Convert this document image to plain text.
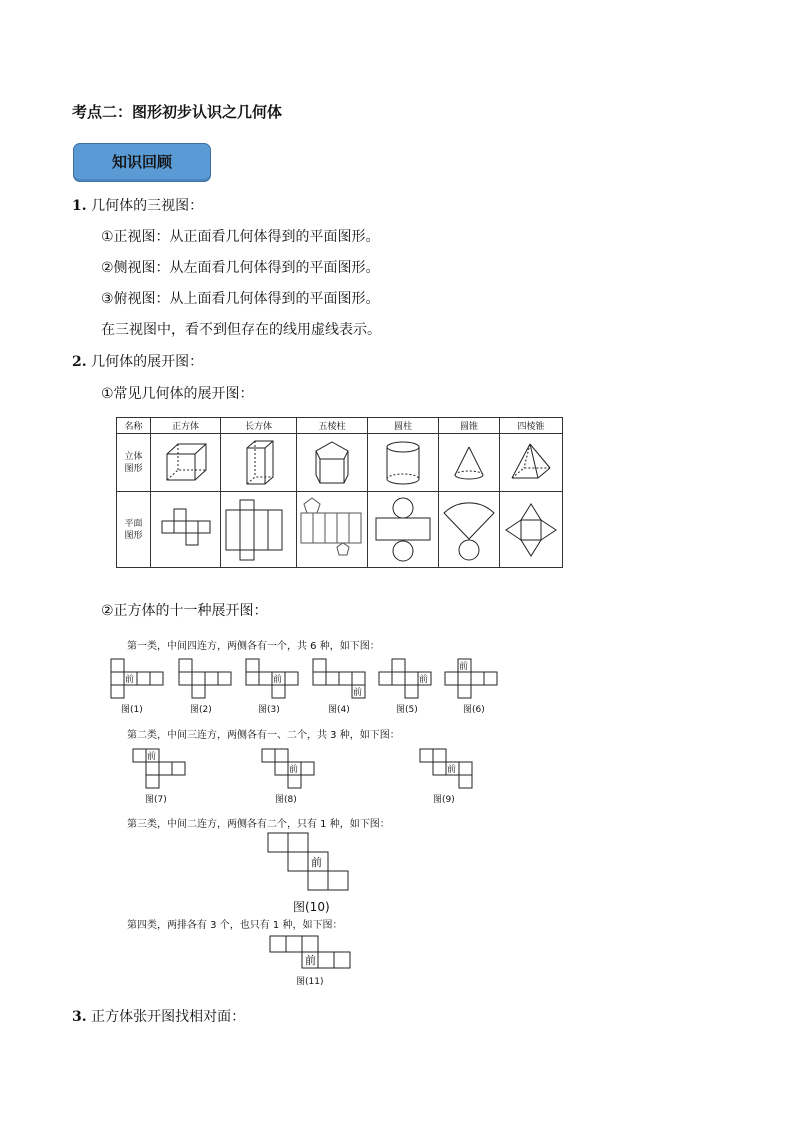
考点二：图形初步认识之几何体
知识回顾
1. 几何体的三视图：
①正视图：从正面看几何体得到的平面图形。
②侧视图：从左面看几何体得到的平面图形。
③俯视图：从上面看几何体得到的平面图形。
在三视图中，看不到但存在的线用虚线表示。
2. 几何体的展开图：
①常见几何体的展开图：
名称	正方体	长方体	五棱柱	圆柱	圆锥	四棱锥
立体图形	

平面图形	

②正方体的十一种展开图：
第一类，中间四连方，两侧各有一个，共 6 种，如下图：
第二类，中间三连方，两侧各有一、二个，共 3 种，如下图：
第三类，中间二连方，两侧各有二个，只有 1 种，如下图：
第四类，两排各有 3 个，也只有 1 种，如下图：
图(1)	图(2)	图(3)	图(4)	图(5)	图(6)
图(7)	图(8)	图(9)
图(10)
图(11)
前	前
前
前
前
前
前	前
前
前
3. 正方体张开图找相对面：
